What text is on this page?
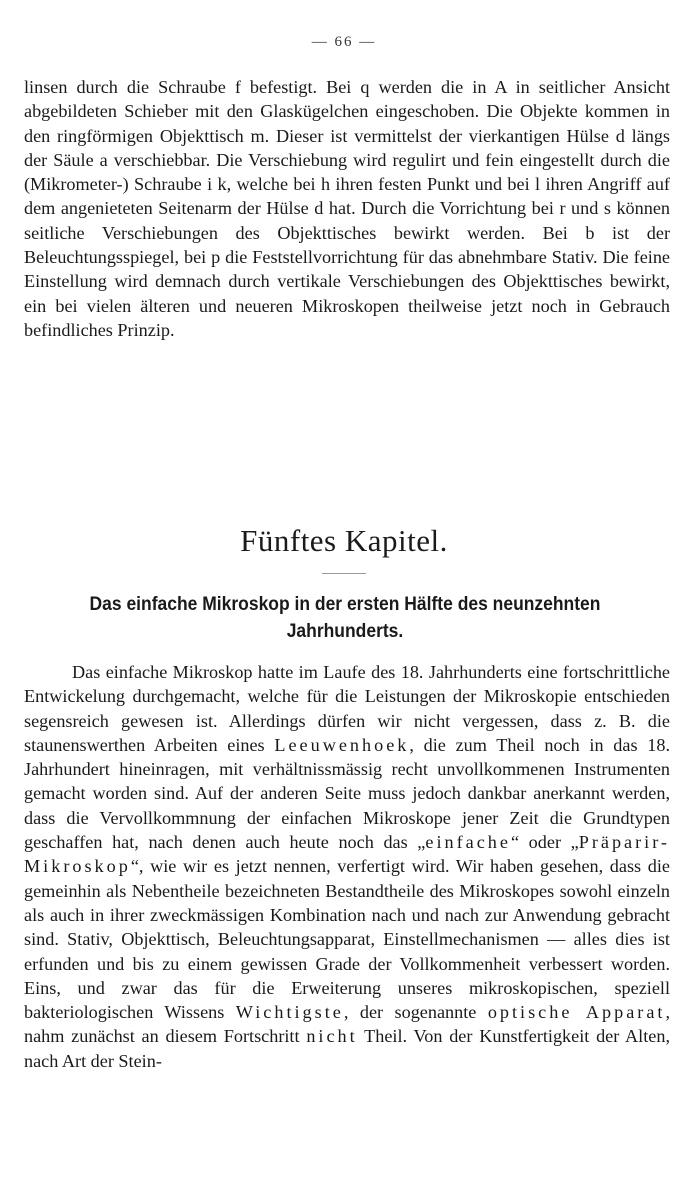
— 66 —

linsen durch die Schraube f befestigt. Bei q werden die in A in seitlicher Ansicht abgebildeten Schieber mit den Glaskügelchen eingeschoben. Die Objekte kommen in den ringförmigen Objekttisch m. Dieser ist vermittelst der vierkantigen Hülse d längs der Säule a verschiebbar. Die Verschiebung wird regulirt und fein eingestellt durch die (Mikrometer-) Schraube i k, welche bei h ihren festen Punkt und bei l ihren Angriff auf dem angenieteten Seitenarm der Hülse d hat. Durch die Vorrichtung bei r und s können seitliche Verschiebungen des Objekttisches bewirkt werden. Bei b ist der Beleuchtungsspiegel, bei p die Feststellvorrichtung für das abnehmbare Stativ. Die feine Einstellung wird demnach durch vertikale Verschiebungen des Objekttisches bewirkt, ein bei vielen älteren und neueren Mikroskopen theilweise jetzt noch in Gebrauch befindliches Prinzip.

Fünftes Kapitel.
Das einfache Mikroskop in der ersten Hälfte des neunzehnten Jahrhunderts.

Das einfache Mikroskop hatte im Laufe des 18. Jahrhunderts eine fortschrittliche Entwickelung durchgemacht, welche für die Leistungen der Mikroskopie entschieden segensreich gewesen ist. Allerdings dürfen wir nicht vergessen, dass z. B. die staunenswerthen Arbeiten eines Leeuwenhoek, die zum Theil noch in das 18. Jahrhundert hineinragen, mit verhältnissmässig recht unvollkommenen Instrumenten gemacht worden sind. Auf der anderen Seite muss jedoch dankbar anerkannt werden, dass die Vervollkommnung der einfachen Mikroskope jener Zeit die Grundtypen geschaffen hat, nach denen auch heute noch das „einfache“ oder „Präparir-Mikroskop“, wie wir es jetzt nennen, verfertigt wird. Wir haben gesehen, dass die gemeinhin als Nebentheile bezeichneten Bestandtheile des Mikroskopes sowohl einzeln als auch in ihrer zweckmässigen Kombination nach und nach zur Anwendung gebracht sind. Stativ, Objekttisch, Beleuchtungsapparat, Einstellmechanismen — alles dies ist erfunden und bis zu einem gewissen Grade der Vollkommenheit verbessert worden. Eins, und zwar das für die Erweiterung unseres mikroskopischen, speziell bakteriologischen Wissens Wichtigste, der sogenannte optische Apparat, nahm zunächst an diesem Fortschritt nicht Theil. Von der Kunstfertigkeit der Alten, nach Art der Stein-
